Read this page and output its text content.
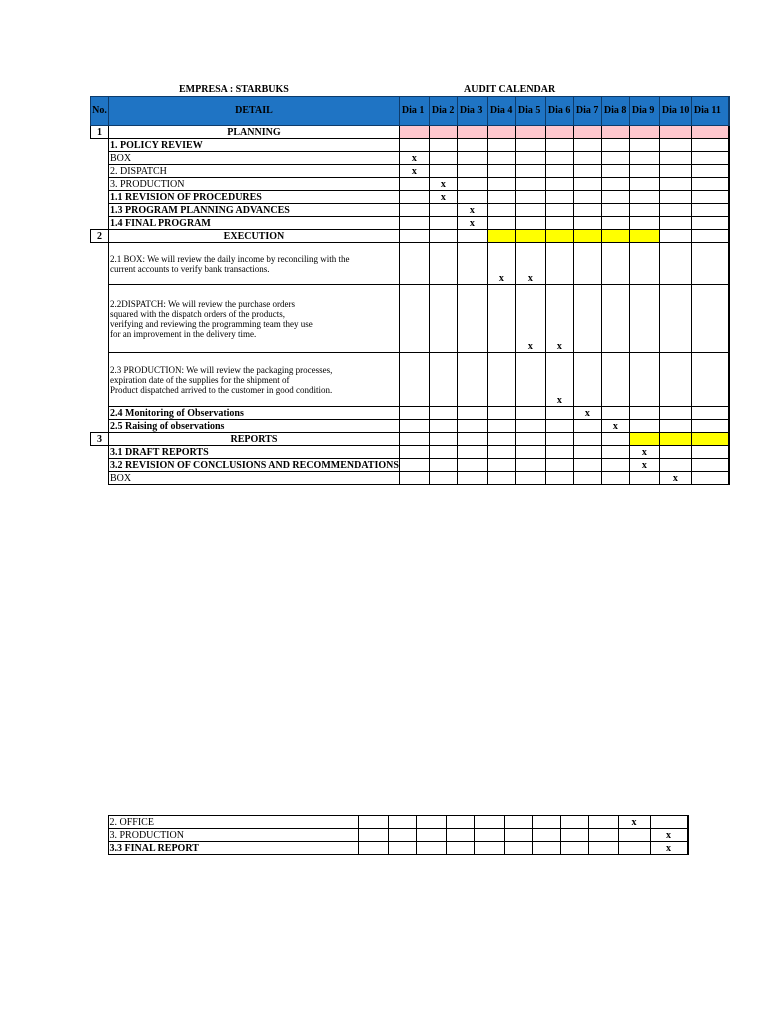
EMPRESA : STARBUKS	AUDIT CALENDAR
No.	DETAIL	Dia 1	Dia 2	Dia 3	Dia 4	Dia 5	Dia 6	Dia 7	Dia 8	Dia 9	Dia 10	Dia 11	
1	PLANNING												
	1. POLICY REVIEW												
	BOX	x											
	2. DISPATCH	x											
	3. PRODUCTION		x										
	1.1 REVISION OF PROCEDURES		x										
	1.3 PROGRAM PLANNING ADVANCES			x									
	1.4 FINAL PROGRAM			x									
2	EXECUTION												
	2.1 BOX: We will review the daily income by reconciling with the
current accounts to verify bank transactions.				x	x							
	2.2DISPATCH: We will review the purchase orders
squared with the dispatch orders of the products,
verifying and reviewing the programming team they use
for an improvement in the delivery time.					x	x						
	2.3 PRODUCTION: We will review the packaging processes,
expiration date of the supplies for the shipment of
Product dispatched arrived to the customer in good condition.						x						
	2.4 Monitoring of Observations							x					
	2.5 Raising of observations								x				
3	REPORTS												
	3.1 DRAFT REPORTS									x			
	3.2 REVISION OF CONCLUSIONS AND RECOMMENDATIONS									x			
	BOX										x		
	2. OFFICE										x		
	3. PRODUCTION											x	
	3.3 FINAL REPORT											x	
